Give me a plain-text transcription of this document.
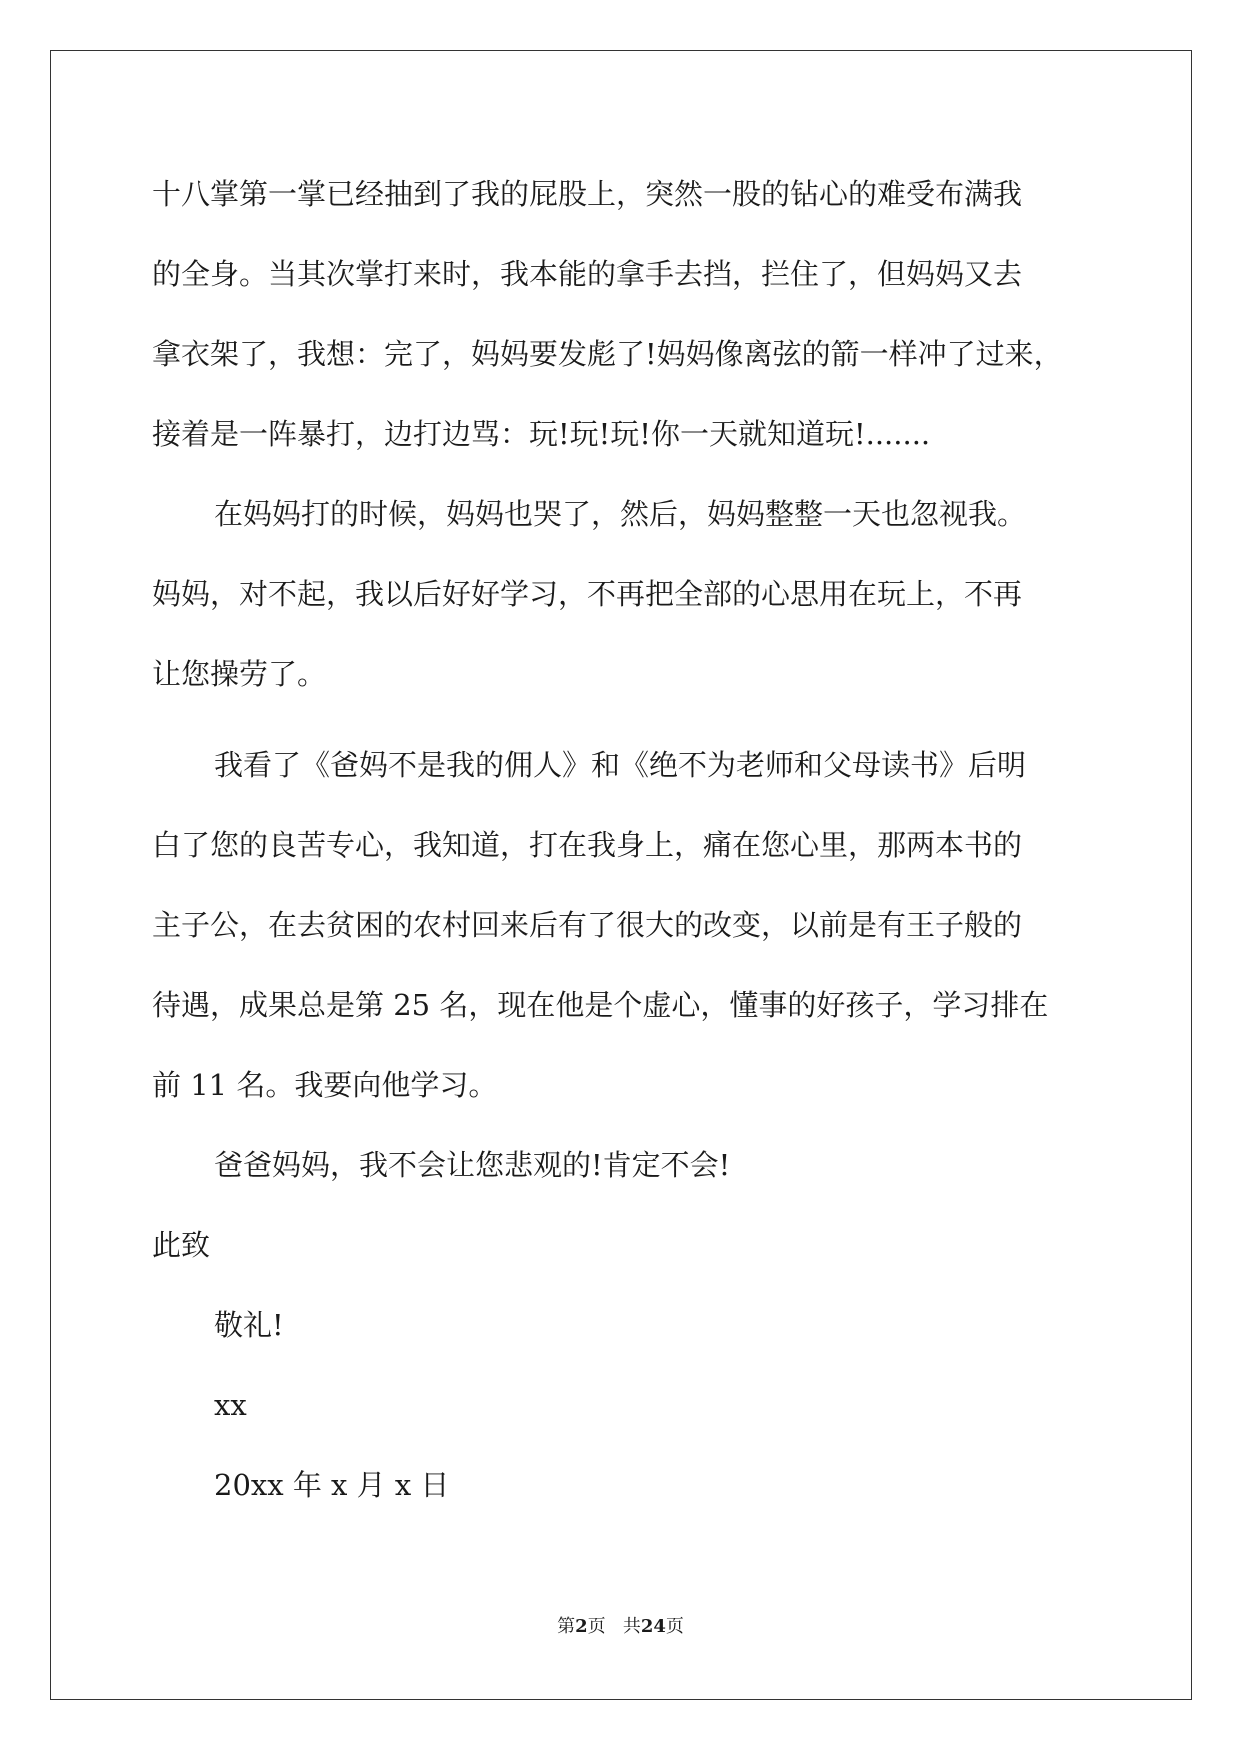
十八掌第一掌已经抽到了我的屁股上，突然一股的钻心的难受布满我

的全身。当其次掌打来时，我本能的拿手去挡，拦住了，但妈妈又去

拿衣架了，我想：完了，妈妈要发彪了!妈妈像离弦的箭一样冲了过来，

接着是一阵暴打，边打边骂：玩!玩!玩!你一天就知道玩!.......

在妈妈打的时候，妈妈也哭了，然后，妈妈整整一天也忽视我。

妈妈，对不起，我以后好好学习，不再把全部的心思用在玩上，不再

让您操劳了。

我看了《爸妈不是我的佣人》和《绝不为老师和父母读书》后明

白了您的良苦专心，我知道，打在我身上，痛在您心里，那两本书的

主子公，在去贫困的农村回来后有了很大的改变，以前是有王子般的

待遇，成果总是第 25 名，现在他是个虚心，懂事的好孩子，学习排在

前 11 名。我要向他学习。

爸爸妈妈，我不会让您悲观的!肯定不会!

此致

敬礼!

xx

20xx 年 x 月 x 日

第2页 共24页
